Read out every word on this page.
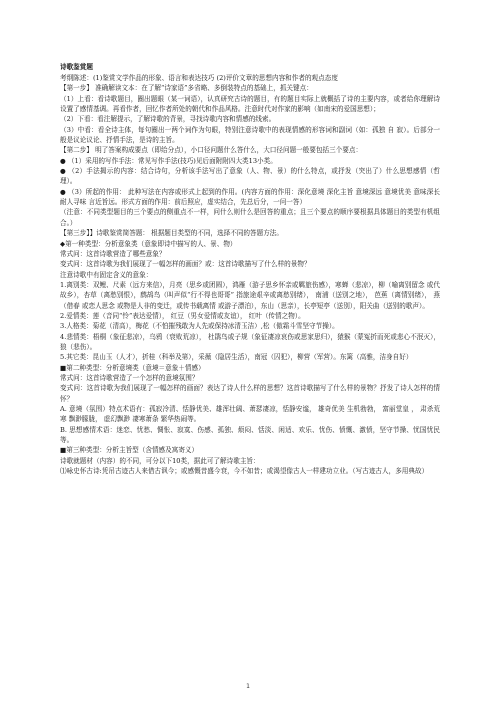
诗歌鉴赏题

考纲陈述：(1)鉴赏文学作品的形象、语言和表达技巧 (2)评价文章的思想内容和作者的观点态度

【第一步】 准确解读文本：在了解“诗家语”多省略、多倒装特点的基础上，抓关键点：

（1）上看：看诗歌题目，圈出题眼（某一词语），认真研究古诗的题目，有的题目实际上就概括了诗的主要内容，或者给你理解诗设置了感情基调。再看作者，回忆作者所处的朝代和作品风格。注意时代对作家的影响（如南宋的爱国思想）；

（2）下看：看注解提示，了解诗歌的背景，寻找诗歌内容和情感的线索。

（3）中看：看全诗主体，每句圈出一两个词作为句眼，特别注意诗歌中的表现情感的形容词和副词（如：孤独 自 寂）。后部分一般是议论议论、抒情手法，是诗的主旨。

【第二步】 明了答案构成要点（即给分点），小口径问题什么答什么，大口径问题一般要包括三个要点：

● （1）采用的写作手法：常见写作手法(技巧)见后面附附四大类13小类。

● （2）手法揭示的内容：结合诗句，分析该手法写出了意象（人、物、景）的什么特点，或抒发（突出了）什么思想感情（哲理）。

● （3）所起的作用： 此种写法在内容或形式上起到的作用。(内容方面的作用：深化意境 深化主旨 意境深远 意境优美 意味深长 耐人寻味 言近旨远。形式方面的作用：前后照应，虚实结合，先总后分，一问一答）

（注意：不同类型题目的三个要点的侧重点不一样，问什么则什么是回答的重点；且三个要点的顺序要根据具体题目的类型有机组合。）

【第三步】】诗歌鉴赏简答题： 根据题目类型的不同，选择不同的答题方法。

◆第一种类型：分析意象类（意象即诗中描写的人、景、物）

常式问：这首诗歌营造了哪些意象？

变式问：这首诗歌为我们展现了一幅怎样的画面？或：这首诗歌描写了什么样的景物？

注意诗歌中有固定含义的意象：

1.离别类：双鲤、尺素（远方来信），月亮（思乡或团圆），鸿雁（游子思乡怀亲或羁旅伤感），寒蝉（悲凉），柳（喻离别留念 或代故乡），杏草（离愁别恨），鹧鸪鸟（叫声似“行不得也哥哥” 指旅途艰辛或离愁别绪）， 南浦（送别之地）， 芭蕉（离情别绪）， 燕（借春 或恋人思念 或物是人非的变迁，或传书载离情 或游子漂泊），东山（思亲），长亭短亭（送别），阳关曲（送别的歌声）。

2.爱情类：莲（音同“怜”表达爱情）， 红豆（男女爱情或友谊）， 红叶（传情之物）。

3.人格类：菊花（清高），梅花（不怕摧残敢为人先或保持冰清玉洁）,松（傲霜斗雪坚守节操）。

4.悲情类：梧桐（象征悲凉），乌鸦（衰败荒凉）， 杜鹃鸟或子规（象征凄凉哀伤或思家思归），猿猴（蒙冤折而死或悲心不泯灭）， 狼（悲伤）。

5.其它类：昆山玉（人才），折桂（科举及第），采薇（隐居生活），南冠（囚犯），柳营（军营）。东篱（高雅，洁身自好）

■第二种类型：分析意境类（意境＝意象＋情感）

常式问：这首诗歌营造了一个怎样的意境氛围？

变式问：这首诗歌为我们展现了一幅怎样的画面？表达了诗人什么样的思想？这首诗歌描写了什么样的景物？抒发了诗人怎样的情怀？

A. 意境（氛围）特点术语有：孤寂冷清、恬静优美、雄浑壮阔、萧瑟凄凉，恬静安谧， 雄奇优美 生机勃勃， 富丽堂皇 ， 肃杀荒寒 飘渺朦胧， 虚幻飘渺 凄寒萧条 繁华热闹等。

B. 思想感情术语：迷恋、忧愁、惆怅、寂寞、伤感、孤独、烦闷、恬淡、闲适、欢乐、忧伤、愤慨、激愤，坚守节操、忧国忧民等。

■第三种类型：分析主旨型（含情感及寓寄义）

诗歌就题材（内容）的不同，可分以下10类，据此可了解诗歌主旨：

⑴咏史怀古诗:凭吊古迹古人来借古讽今；或感慨昔盛今衰，今不如昔；或渴望像古人一样建功立业。（写古迹古人，多用典故）

1
